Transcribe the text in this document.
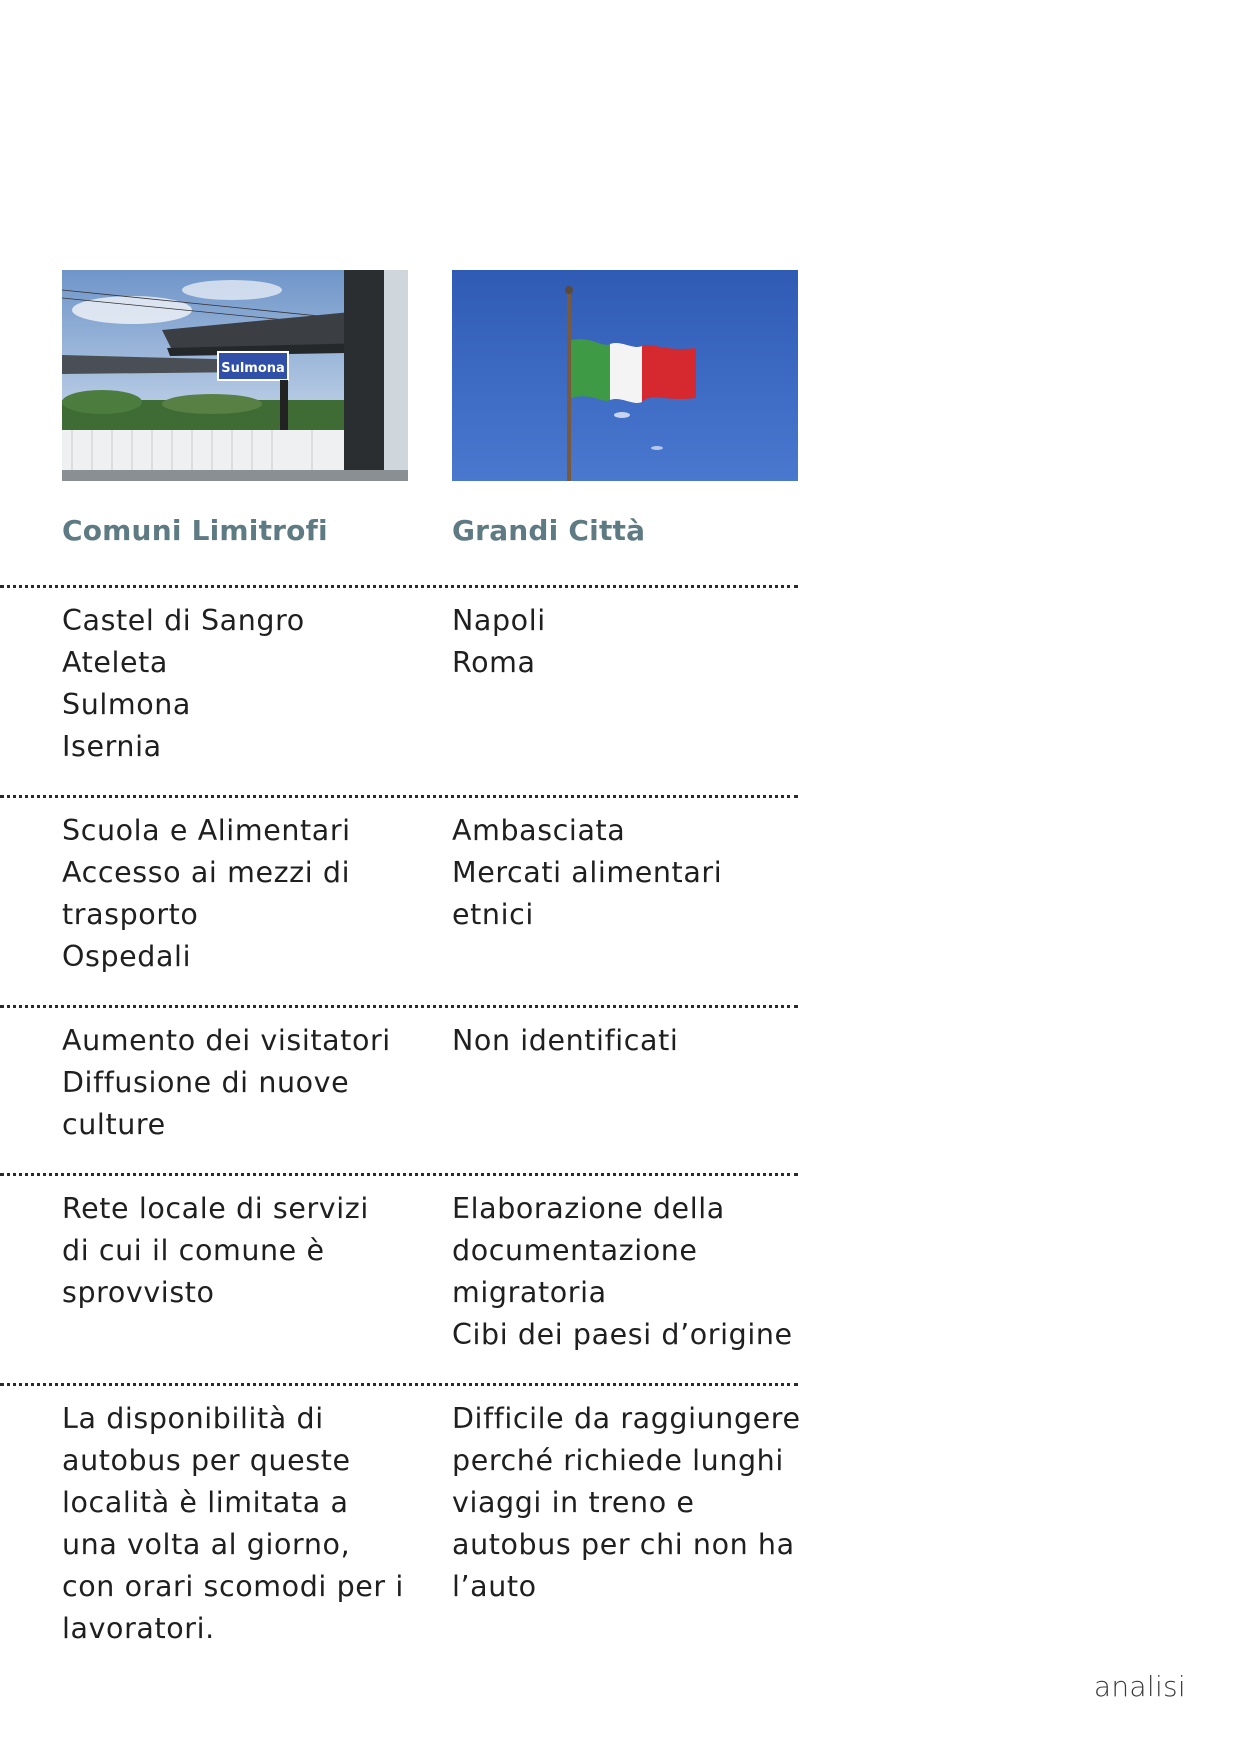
Sulmona
Comuni Limitrofi	Grandi Città
Castel di Sangro
Ateleta
Sulmona
Isernia
Napoli
Roma
Scuola e Alimentari
Accesso ai mezzi di
trasporto
Ospedali
Ambasciata
Mercati alimentari
etnici
Aumento dei visitatori
Diffusione di nuove
culture
Non identificati
Rete locale di servizi
di cui il comune è
sprovvisto
Elaborazione della
documentazione
migratoria
Cibi dei paesi d’origine
La disponibilità di
autobus per queste
località è limitata a
una volta al giorno,
con orari scomodi per i
lavoratori.
Difficile da raggiungere
perché richiede lunghi
viaggi in treno e
autobus per chi non ha
l’auto
analisi
